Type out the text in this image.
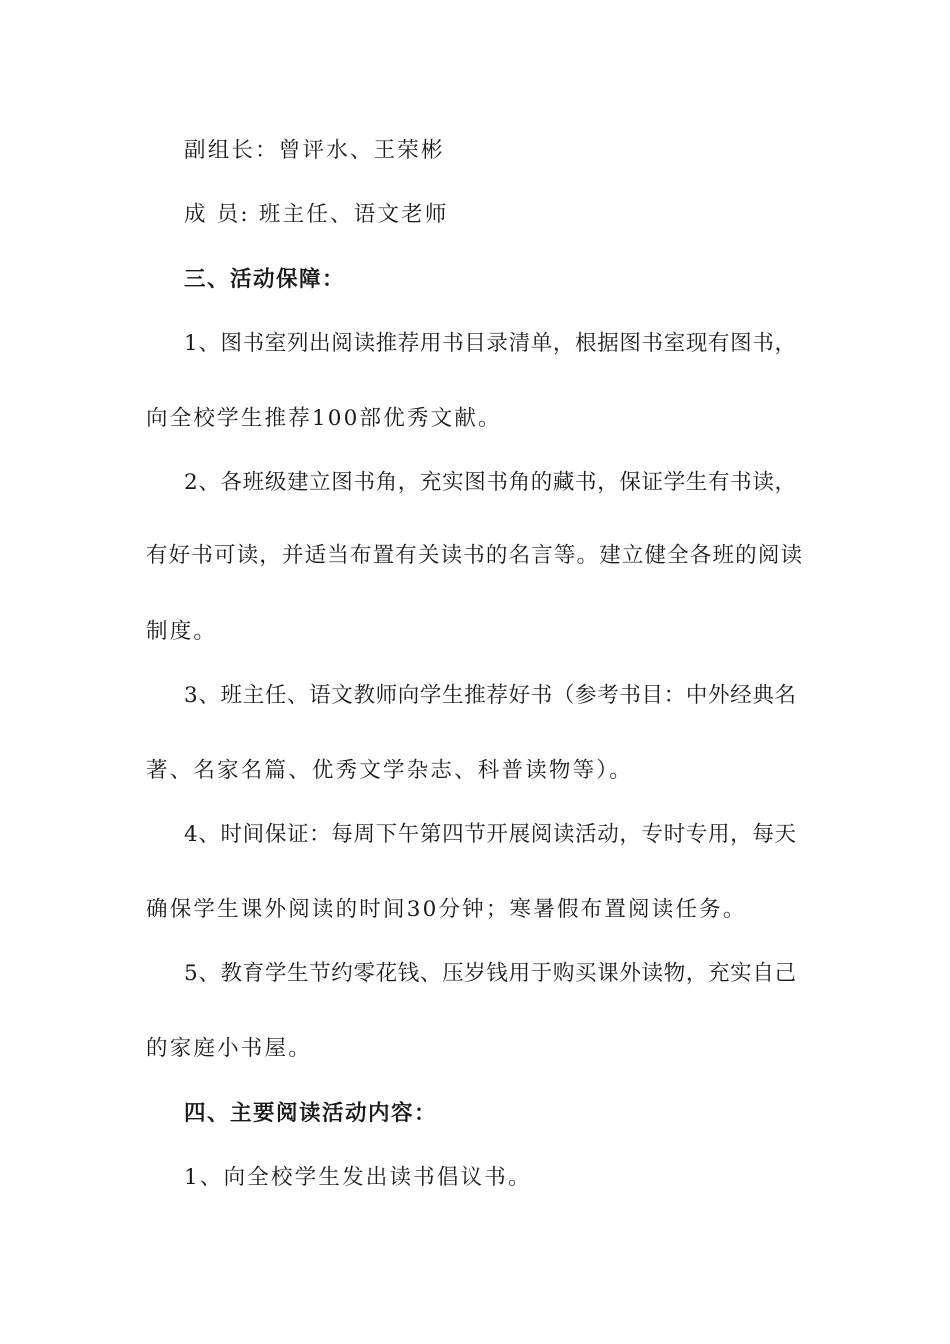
副组长：曾评水、王荣彬
成 员: 班主任、语文老师
三、活动保障：
1、图书室列出阅读推荐用书目录清单，根据图书室现有图书，
向全校学生推荐100部优秀文献。
2、各班级建立图书角，充实图书角的藏书，保证学生有书读，
有好书可读，并适当布置有关读书的名言等。建立健全各班的阅读
制度。
3、班主任、语文教师向学生推荐好书（参考书目：中外经典名
著、名家名篇、优秀文学杂志、科普读物等）。
4、时间保证：每周下午第四节开展阅读活动，专时专用，每天
确保学生课外阅读的时间30分钟；寒暑假布置阅读任务。
5、教育学生节约零花钱、压岁钱用于购买课外读物，充实自己
的家庭小书屋。
四、主要阅读活动内容：
1、向全校学生发出读书倡议书。
